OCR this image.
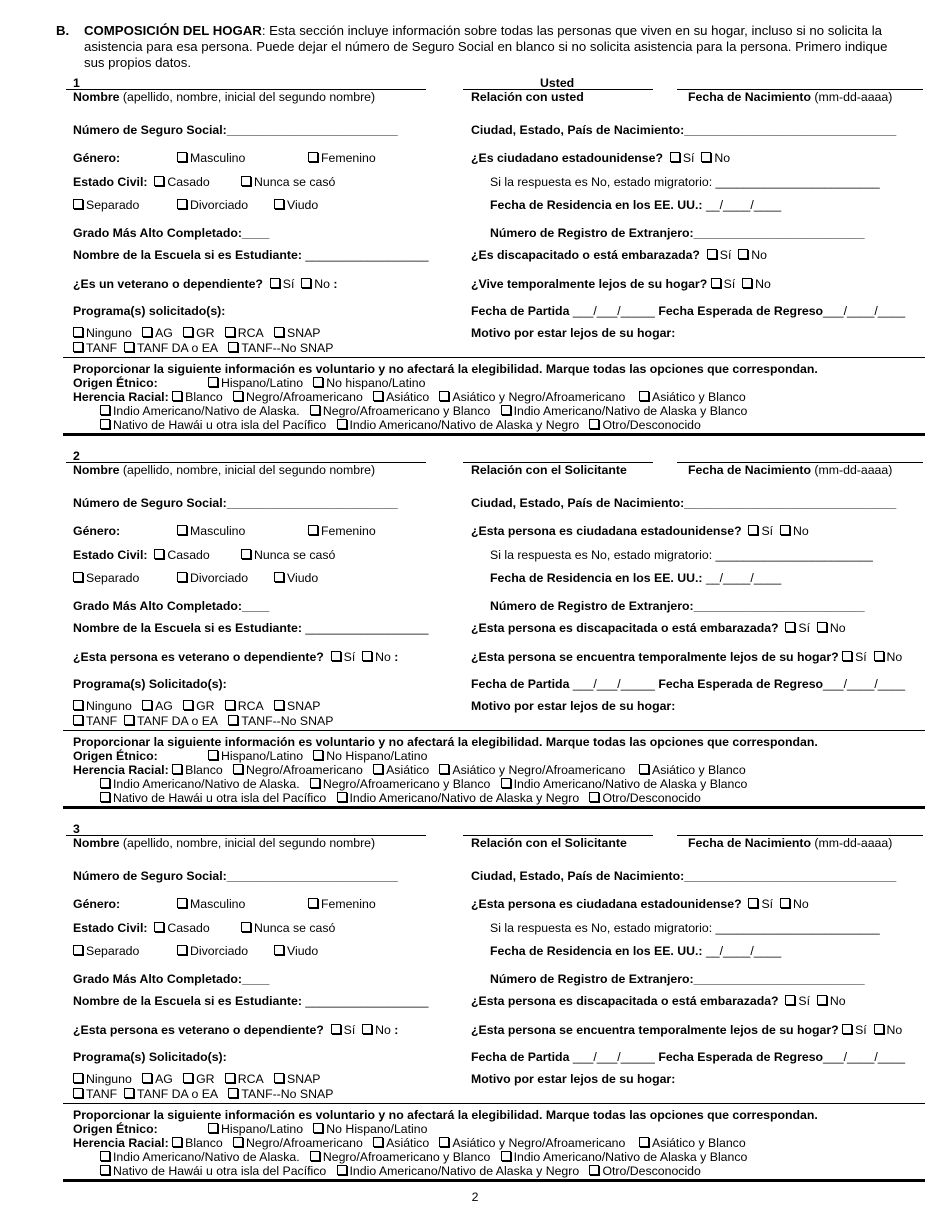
B. COMPOSICIÓN DEL HOGAR: Esta sección incluye información sobre todas las personas que viven en su hogar, incluso si no solicita la asistencia para esa persona. Puede dejar el número de Seguro Social en blanco si no solicita asistencia para la persona. Primero indique sus propios datos.
1	Usted
Nombre (apellido, nombre, inicial del segundo nombre)	Relación con usted	Fecha de Nacimiento (mm-dd-aaaa)
Número de Seguro Social:_________________________	Ciudad, Estado, País de Nacimiento:_______________________________
Género:	Masculino	Femenino	¿Es ciudadano estadounidense? Sí No
Estado Civil: Casado	Nunca se casó	Si la respuesta es No, estado migratorio: ________________________
Separado	Divorciado	Viudo	Fecha de Residencia en los EE. UU.: __/____/____
Grado Más Alto Completado:____	Número de Registro de Extranjero:_________________________
Nombre de la Escuela si es Estudiante: __________________	¿Es discapacitado o está embarazada? Sí No
¿Es un veterano o dependiente? Sí No :	¿Vive temporalmente lejos de su hogar? Sí No
Programa(s) solicitado(s):	Fecha de Partida ___/___/_____ Fecha Esperada de Regreso___/____/____
Ninguno AG GR RCA SNAP	Motivo por estar lejos de su hogar:
TANF TANF DA o EA TANF--No SNAP
Proporcionar la siguiente información es voluntario y no afectará la elegibilidad. Marque todas las opciones que correspondan.
Origen Étnico:	Hispano/Latino No hispano/Latino
Herencia Racial: Blanco Negro/Afroamericano Asiático Asiático y Negro/Afroamericano Asiático y Blanco
Indio Americano/Nativo de Alaska. Negro/Afroamericano y Blanco Indio Americano/Nativo de Alaska y Blanco
Nativo de Hawái u otra isla del Pacífico Indio Americano/Nativo de Alaska y Negro Otro/Desconocido
2
Nombre (apellido, nombre, inicial del segundo nombre)	Relación con el Solicitante	Fecha de Nacimiento (mm-dd-aaaa)
Número de Seguro Social:_________________________	Ciudad, Estado, País de Nacimiento:_______________________________
Género:	Masculino	Femenino	¿Esta persona es ciudadana estadounidense? Sí No
Estado Civil: Casado	Nunca se casó	Si la respuesta es No, estado migratorio: _______________________
Separado	Divorciado	Viudo	Fecha de Residencia en los EE. UU.: __/____/____
Grado Más Alto Completado:____	Número de Registro de Extranjero:_________________________
Nombre de la Escuela si es Estudiante: __________________	¿Esta persona es discapacitada o está embarazada? Sí No
¿Esta persona es veterano o dependiente? Sí No :	¿Esta persona se encuentra temporalmente lejos de su hogar? Sí No
Programa(s) Solicitado(s):	Fecha de Partida ___/___/_____ Fecha Esperada de Regreso___/____/____
Ninguno AG GR RCA SNAP	Motivo por estar lejos de su hogar:
TANF TANF DA o EA TANF--No SNAP
Proporcionar la siguiente información es voluntario y no afectará la elegibilidad. Marque todas las opciones que correspondan.
Origen Étnico:	Hispano/Latino No Hispano/Latino
Herencia Racial: Blanco Negro/Afroamericano Asiático Asiático y Negro/Afroamericano Asiático y Blanco
Indio Americano/Nativo de Alaska. Negro/Afroamericano y Blanco Indio Americano/Nativo de Alaska y Blanco
Nativo de Hawái u otra isla del Pacífico Indio Americano/Nativo de Alaska y Negro Otro/Desconocido
3
Nombre (apellido, nombre, inicial del segundo nombre)	Relación con el Solicitante	Fecha de Nacimiento (mm-dd-aaaa)
Número de Seguro Social:_________________________	Ciudad, Estado, País de Nacimiento:_______________________________
Género:	Masculino	Femenino	¿Esta persona es ciudadana estadounidense? Sí No
Estado Civil: Casado	Nunca se casó	Si la respuesta es No, estado migratorio: ________________________
Separado	Divorciado	Viudo	Fecha de Residencia en los EE. UU.: __/____/____
Grado Más Alto Completado:____	Número de Registro de Extranjero:_________________________
Nombre de la Escuela si es Estudiante: __________________	¿Esta persona es discapacitada o está embarazada? Sí No
¿Esta persona es veterano o dependiente? Sí No :	¿Esta persona se encuentra temporalmente lejos de su hogar? Sí No
Programa(s) Solicitado(s):	Fecha de Partida ___/___/_____ Fecha Esperada de Regreso___/____/____
Ninguno AG GR RCA SNAP	Motivo por estar lejos de su hogar:
TANF TANF DA o EA TANF--No SNAP
Proporcionar la siguiente información es voluntario y no afectará la elegibilidad. Marque todas las opciones que correspondan.
Origen Étnico:	Hispano/Latino No Hispano/Latino
Herencia Racial: Blanco Negro/Afroamericano Asiático Asiático y Negro/Afroamericano Asiático y Blanco
Indio Americano/Nativo de Alaska. Negro/Afroamericano y Blanco Indio Americano/Nativo de Alaska y Blanco
Nativo de Hawái u otra isla del Pacífico Indio Americano/Nativo de Alaska y Negro Otro/Desconocido
2
